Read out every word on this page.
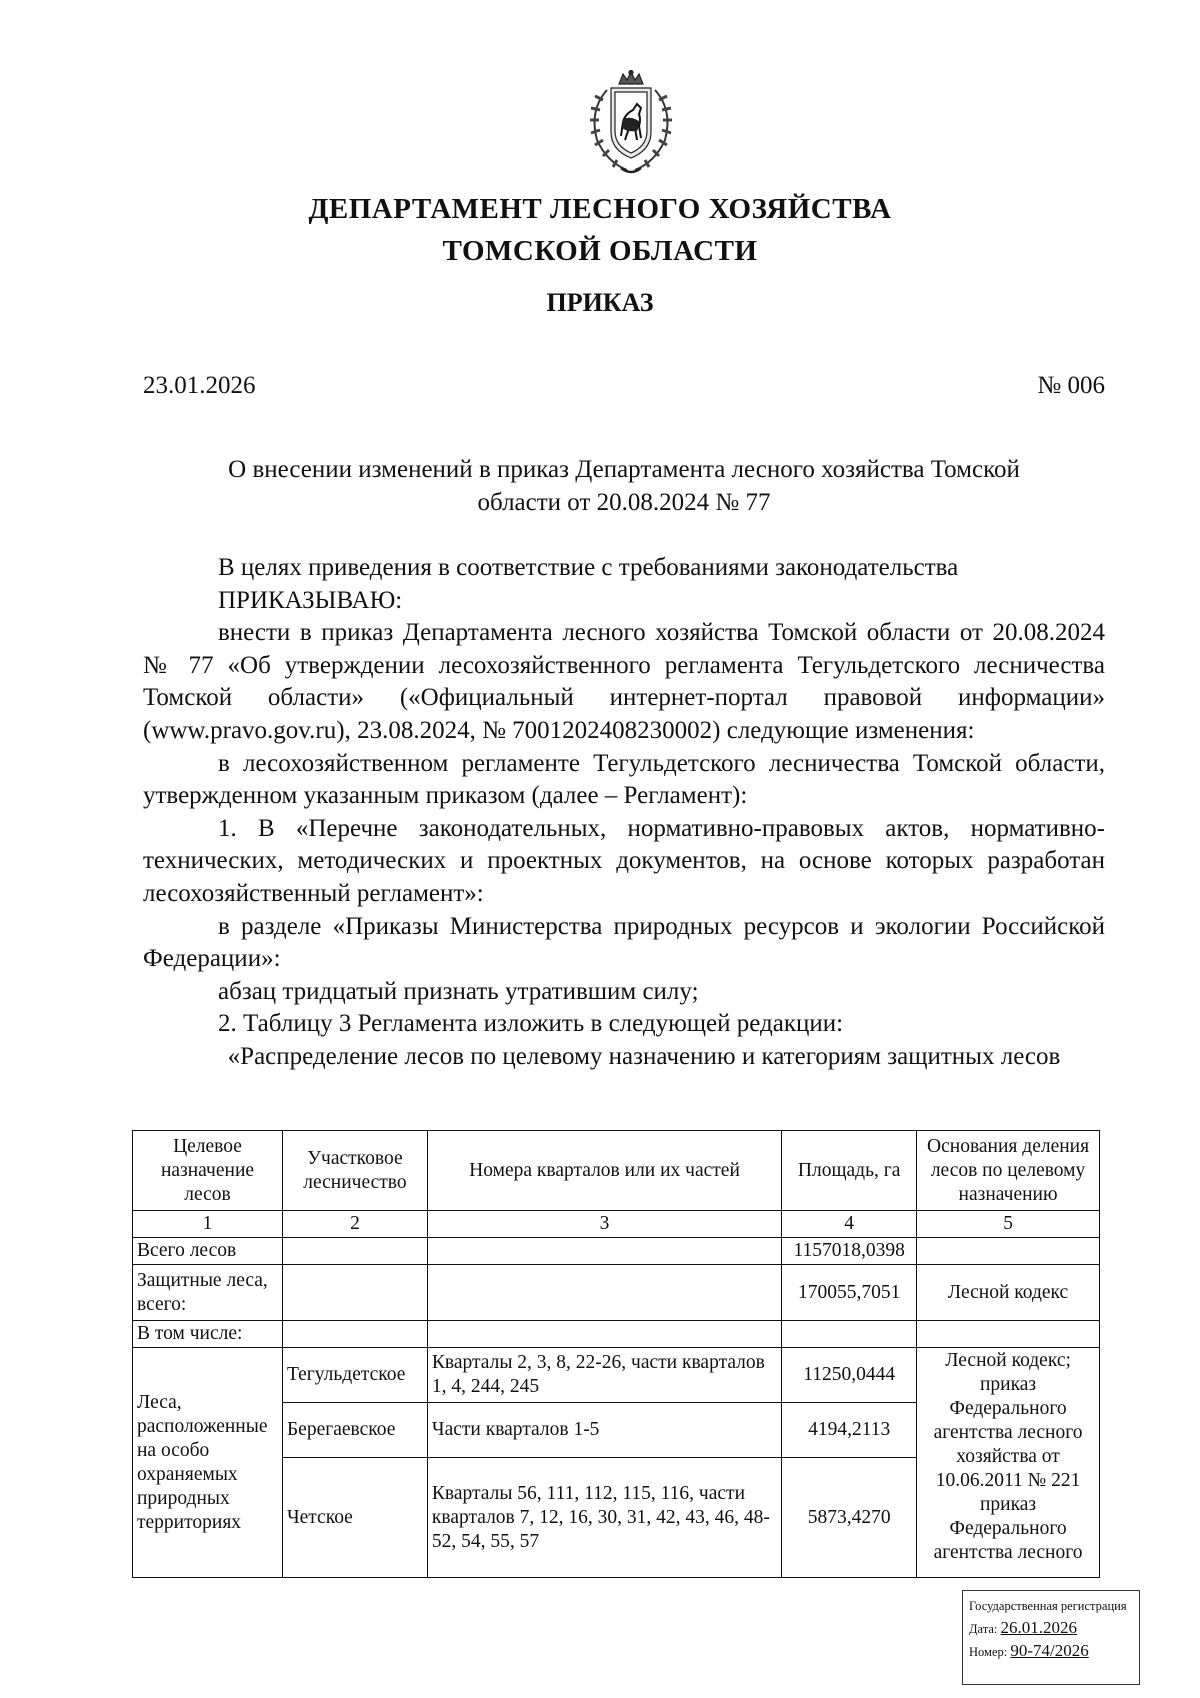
ДЕПАРТАМЕНТ ЛЕСНОГО ХОЗЯЙСТВА
ТОМСКОЙ ОБЛАСТИ
ПРИКАЗ
23.01.2026	№ 006
О внесении изменений в приказ Департамента лесного хозяйства Томской
области от 20.08.2024 № 77

В целях приведения в соответствие с требованиями законодательства

ПРИКАЗЫВАЮ:

внести в приказ Департамента лесного хозяйства Томской области от 20.08.2024 № 77 «Об утверждении лесохозяйственного регламента Тегульдетского лесничества Томской области» («Официальный интернет-портал правовой информации» (www.pravo.gov.ru), 23.08.2024, № 7001202408230002) следующие изменения:

в лесохозяйственном регламенте Тегульдетского лесничества Томской области, утвержденном указанным приказом (далее – Регламент):

1. В «Перечне законодательных, нормативно-правовых актов, нормативно-технических, методических и проектных документов, на основе которых разработан лесохозяйственный регламент»:

в разделе «Приказы Министерства природных ресурсов и экологии Российской Федерации»:

абзац тридцатый признать утратившим силу;

2. Таблицу 3 Регламента изложить в следующей редакции:

«Распределение лесов по целевому назначению и категориям защитных лесов

Целевое назначение лесов	Участковое лесничество	Номера кварталов или их частей	Площадь, га	Основания деления лесов по целевому назначению
1	2	3	4	5
Всего лесов			1157018,0398	
Защитные леса, всего:			170055,7051	Лесной кодекс
В том числе:				
Леса, расположенные на особо охраняемых природных территориях	Тегульдетское	Кварталы 2, 3, 8, 22-26, части кварталов 1, 4, 244, 245	11250,0444	Лесной кодекс; приказ Федерального агентства лесного хозяйства от 10.06.2011 № 221 приказ Федерального агентства лесного
	Берегаевское	Части кварталов 1-5	4194,2113	
	Четское	Кварталы 56, 111, 112, 115, 116, части кварталов 7, 12, 16, 30, 31, 42, 43, 46, 48-52, 54, 55, 57	5873,4270	
Государственная регистрация
Дата: 26.01.2026
Номер: 90-74/2026
